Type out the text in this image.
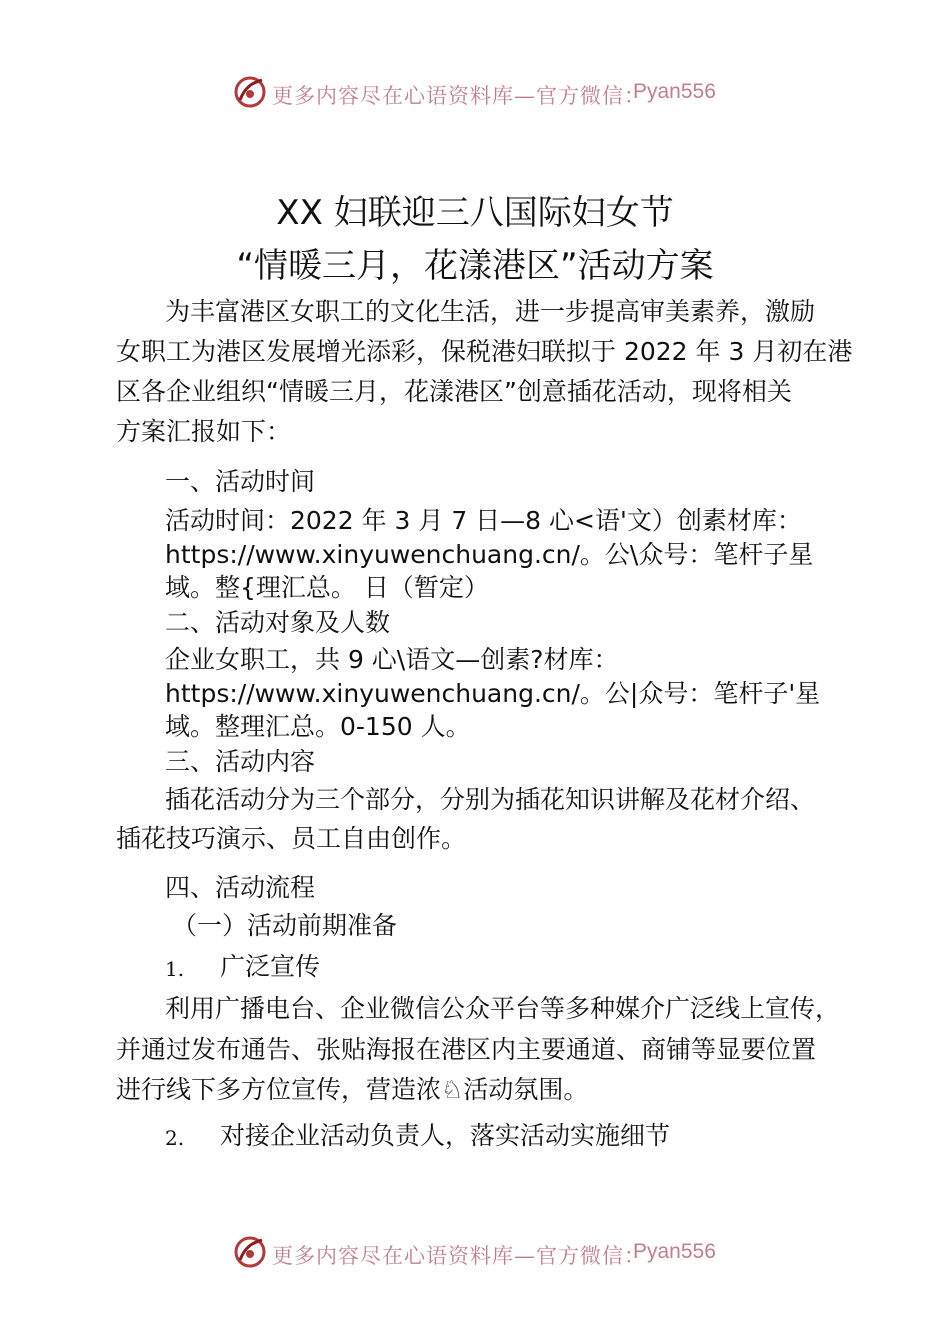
更多内容尽在心语资料库—官方微信：
Pyan556
XX 妇联迎三八国际妇女节
“情暖三月，花漾港区”活动方案
为丰富港区女职工的文化生活，进一步提高审美素养，激励
女职工为港区发展增光添彩，保税港妇联拟于 2022 年 3 月初在港
区各企业组织“情暖三月，花漾港区”创意插花活动，现将相关
方案汇报如下：
一、活动时间
活动时间：2022 年 3 月 7 日—8 心<语'文）创素材库：
https://www.xinyuwenchuang.cn/。公\众号：笔杆子星
域。整{理汇总。 日（暂定）
二、活动对象及人数
企业女职工，共 9 心\语文—创素?材库：
https://www.xinyuwenchuang.cn/。公|众号：笔杆子'星
域。整理汇总。0-150 人。
三、活动内容
插花活动分为三个部分，分别为插花知识讲解及花材介绍、
插花技巧演示、员工自由创作。
四、活动流程
（一）活动前期准备
1. 广泛宣传
利用广播电台、企业微信公众平台等多种媒介广泛线上宣传，
并通过发布通告、张贴海报在港区内主要通道、商铺等显要位置
进行线下多方位宣传，营造浓♘活动氛围。
2. 对接企业活动负责人，落实活动实施细节
更多内容尽在心语资料库—官方微信：
Pyan556
